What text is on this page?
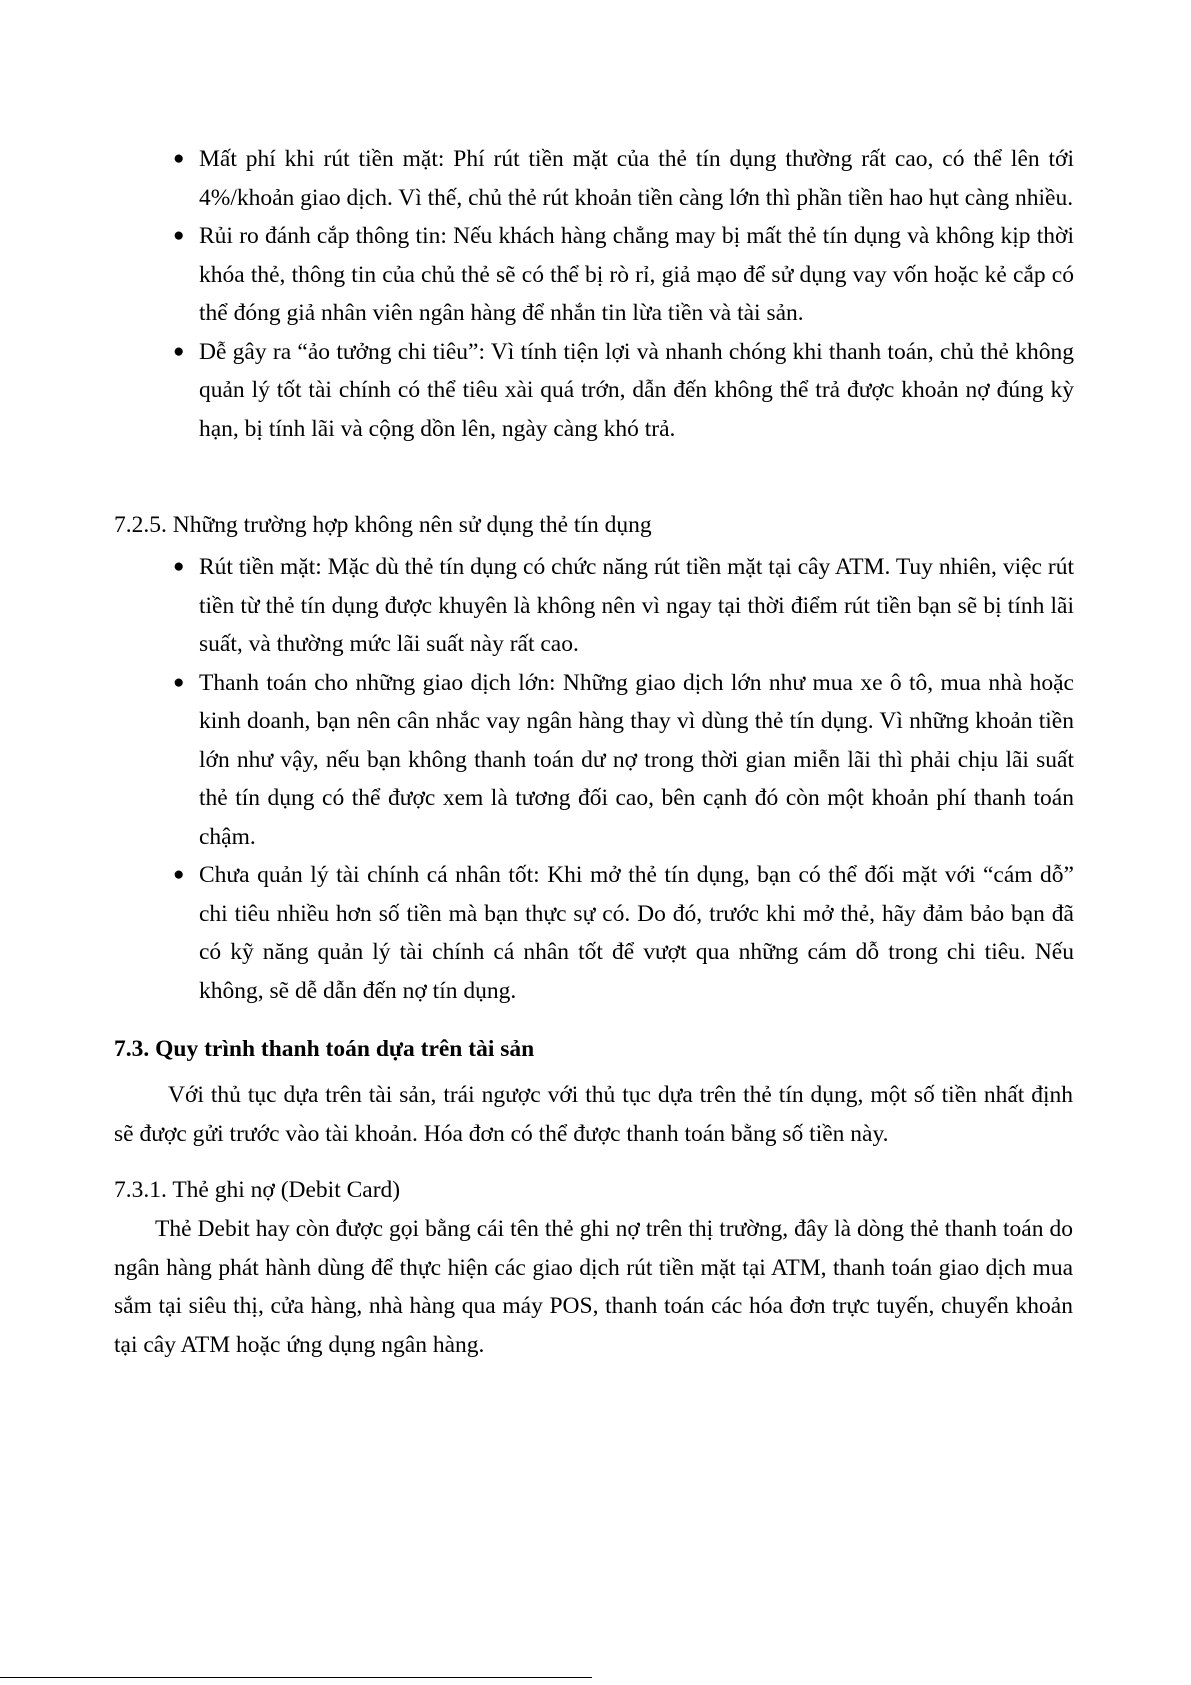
● Mất phí khi rút tiền mặt: Phí rút tiền mặt của thẻ tín dụng thường rất cao, có thể lên tới 4%/khoản giao dịch. Vì thế, chủ thẻ rút khoản tiền càng lớn thì phần tiền hao hụt càng nhiều.
● Rủi ro đánh cắp thông tin: Nếu khách hàng chẳng may bị mất thẻ tín dụng và không kịp thời khóa thẻ, thông tin của chủ thẻ sẽ có thể bị rò rỉ, giả mạo để sử dụng vay vốn hoặc kẻ cắp có thể đóng giả nhân viên ngân hàng để nhắn tin lừa tiền và tài sản.
● Dễ gây ra “ảo tưởng chi tiêu”: Vì tính tiện lợi và nhanh chóng khi thanh toán, chủ thẻ không quản lý tốt tài chính có thể tiêu xài quá trớn, dẫn đến không thể trả được khoản nợ đúng kỳ hạn, bị tính lãi và cộng dồn lên, ngày càng khó trả.
7.2.5. Những trường hợp không nên sử dụng thẻ tín dụng
● Rút tiền mặt: Mặc dù thẻ tín dụng có chức năng rút tiền mặt tại cây ATM. Tuy nhiên, việc rút tiền từ thẻ tín dụng được khuyên là không nên vì ngay tại thời điểm rút tiền bạn sẽ bị tính lãi suất, và thường mức lãi suất này rất cao.
● Thanh toán cho những giao dịch lớn: Những giao dịch lớn như mua xe ô tô, mua nhà hoặc kinh doanh, bạn nên cân nhắc vay ngân hàng thay vì dùng thẻ tín dụng. Vì những khoản tiền lớn như vậy, nếu bạn không thanh toán dư nợ trong thời gian miễn lãi thì phải chịu lãi suất thẻ tín dụng có thể được xem là tương đối cao, bên cạnh đó còn một khoản phí thanh toán chậm.
● Chưa quản lý tài chính cá nhân tốt: Khi mở thẻ tín dụng, bạn có thể đối mặt với “cám dỗ” chi tiêu nhiều hơn số tiền mà bạn thực sự có. Do đó, trước khi mở thẻ, hãy đảm bảo bạn đã có kỹ năng quản lý tài chính cá nhân tốt để vượt qua những cám dỗ trong chi tiêu. Nếu không, sẽ dễ dẫn đến nợ tín dụng.
7.3. Quy trình thanh toán dựa trên tài sản

Với thủ tục dựa trên tài sản, trái ngược với thủ tục dựa trên thẻ tín dụng, một số tiền nhất định sẽ được gửi trước vào tài khoản. Hóa đơn có thể được thanh toán bằng số tiền này.

7.3.1. Thẻ ghi nợ (Debit Card)

Thẻ Debit hay còn được gọi bằng cái tên thẻ ghi nợ trên thị trường, đây là dòng thẻ thanh toán do ngân hàng phát hành dùng để thực hiện các giao dịch rút tiền mặt tại ATM, thanh toán giao dịch mua sắm tại siêu thị, cửa hàng, nhà hàng qua máy POS, thanh toán các hóa đơn trực tuyến, chuyển khoản tại cây ATM hoặc ứng dụng ngân hàng.
